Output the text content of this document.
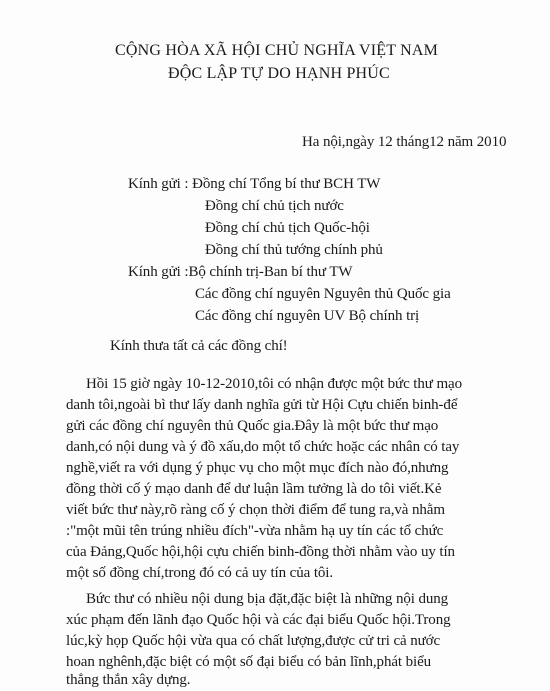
CỘNG HÒA XÃ HỘI CHỦ NGHĨA VIỆT NAM
ĐỘC LẬP TỰ DO HẠNH PHÚC
Ha nội,ngày 12 tháng12 năm 2010
Kính gửi : Đồng chí Tổng bí thư BCH TW
Đồng chí chủ tịch nước
Đồng chí chủ tịch Quốc-hội
Đồng chí thủ tướng chính phủ
Kính gửi :Bộ chính trị-Ban bí thư TW
Các đồng chí nguyên Nguyên thủ Quốc gia
Các đồng chí nguyên UV Bộ chính trị
Kính thưa tất cả các đồng chí!
Hồi 15 giờ ngày 10-12-2010,tôi có nhận được một bức thư mạo
danh tôi,ngoài bì thư lấy danh nghĩa gửi từ Hội Cựu chiến binh-để
gửi các đồng chí nguyên thủ Quốc gia.Đây là một bức thư mạo
danh,có nội dung và ý đồ xấu,do một tổ chức hoặc các nhân có tay
nghề,viết ra với dụng ý phục vụ cho một mục đích nào đó,nhưng
đồng thời cố ý mạo danh để dư luận lầm tưởng là do tôi viết.Kẻ
viết bức thư này,rõ ràng cố ý chọn thời điểm để tung ra,và nhằm
:"một mũi tên trúng nhiều đích"-vừa nhằm hạ uy tín các tổ chức
của Đảng,Quốc hội,hội cựu chiến binh-đồng thời nhằm vào uy tín
một số đồng chí,trong đó có cả uy tín của tôi.
Bức thư có nhiều nội dung bịa đặt,đặc biệt là những nội dung
xúc phạm đến lãnh đạo Quốc hội và các đại biểu Quốc hội.Trong
lúc,kỳ họp Quốc hội vừa qua có chất lượng,được cử tri cả nước
hoan nghênh,đặc biệt có một số đại biểu có bản lĩnh,phát biểu
thẳng thắn xây dựng.
